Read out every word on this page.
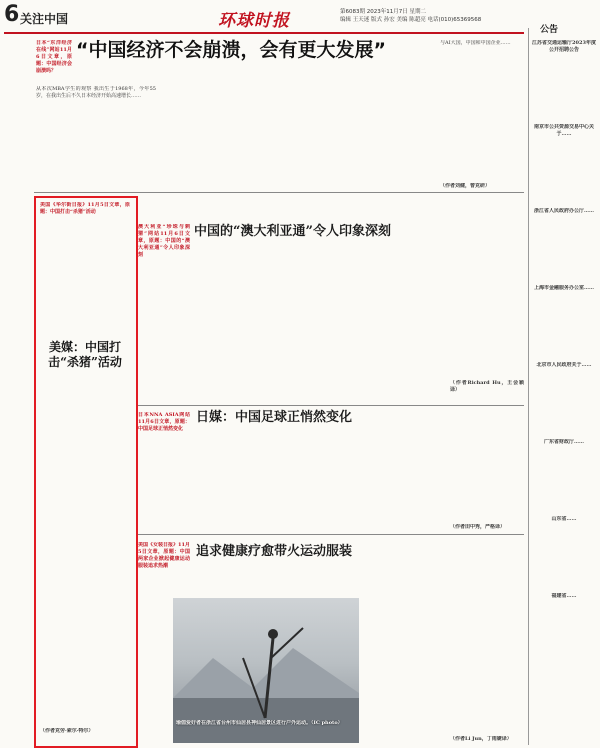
6 关注中国	环球时报	第6083期 2023年11月7日 星期二
编辑 王天迷 版式 孙宏 美编 陈超亮 电话(010)65369568
公告
江苏省交通运输厅2023年度公开招聘公告
南京市公共资源交易中心关于……
浙江省人民政府办公厅……
上海市金融服务办公室……
北京市人民政府关于……
广东省财政厅……
山东省……
福建省……
日本“东洋经济在线”网站11月6日文章，原题：中国经济会崩溃吗？
“中国经济不会崩溃，会有更大发展”
从本次MBA学生的观察 我出生于1968年，今年55岁，在我出生后不久日本经济开始高速增长……
与AI大国，中国和中国企业……
（作者刘健，曾克研）
美国《华尔街日报》11月5日文章，原题：中国打击“杀猪”活动
美媒：中国打击“杀猪”活动
（作者克劳·索尔·特尔）
澳大利亚“珍珠与刺猬”网站11月6日文章，原题：中国的“澳大利亚通”令人印象深刻
中国的“澳大利亚通”令人印象深刻
（作者Richard Hu，王会颖译）
日本NNA ASIA网站11月6日文章，原题：中国足球正悄然变化
日媒：中国足球正悄然变化
（作者田中秀，严格译）
美国《女装日报》11月5日文章，原题：中国两家企业掀起健康运动服装追求热潮
追求健康疗愈带火运动服装
瑜伽爱好者在浙江省台州市仙居县神仙居景区进行户外运动。（IC photo）
（作者Li Jun，丁雨婕译）
